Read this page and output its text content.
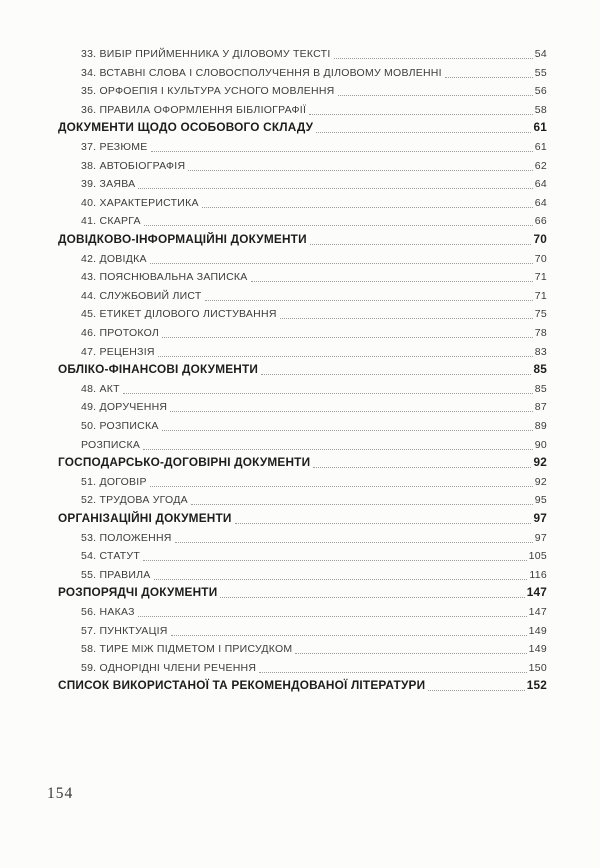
33. ВИБІР ПРИЙМЕННИКА У ДІЛОВОМУ ТЕКСТІ	54
34. ВСТАВНІ СЛОВА І СЛОВОСПОЛУЧЕННЯ В ДІЛОВОМУ МОВЛЕННІ	55
35. ОРФОЕПІЯ І КУЛЬТУРА УСНОГО МОВЛЕННЯ	56
36. ПРАВИЛА ОФОРМЛЕННЯ БІБЛІОГРАФІЇ	58
ДОКУМЕНТИ ЩОДО ОСОБОВОГО СКЛАДУ	61
37. РЕЗЮМЕ	61
38. АВТОБІОГРАФІЯ	62
39. ЗАЯВА	64
40. ХАРАКТЕРИСТИКА	64
41. СКАРГА	66
ДОВІДКОВО-ІНФОРМАЦІЙНІ ДОКУМЕНТИ	70
42. ДОВІДКА	70
43. ПОЯСНЮВАЛЬНА ЗАПИСКА	71
44. СЛУЖБОВИЙ ЛИСТ	71
45. ЕТИКЕТ ДІЛОВОГО ЛИСТУВАННЯ	75
46. ПРОТОКОЛ	78
47. РЕЦЕНЗІЯ	83
ОБЛІКО-ФІНАНСОВІ ДОКУМЕНТИ	85
48. АКТ	85
49. ДОРУЧЕННЯ	87
50. РОЗПИСКА	89
РОЗПИСКА	90
ГОСПОДАРСЬКО-ДОГОВІРНІ ДОКУМЕНТИ	92
51. ДОГОВІР	92
52. ТРУДОВА УГОДА	95
ОРГАНІЗАЦІЙНІ ДОКУМЕНТИ	97
53. ПОЛОЖЕННЯ	97
54. СТАТУТ	105
55. ПРАВИЛА	116
РОЗПОРЯДЧІ ДОКУМЕНТИ	147
56. НАКАЗ	147
57. ПУНКТУАЦІЯ	149
58. ТИРЕ МІЖ ПІДМЕТОМ І ПРИСУДКОМ	149
59. ОДНОРІДНІ ЧЛЕНИ РЕЧЕННЯ	150
СПИСОК ВИКОРИСТАНОЇ ТА РЕКОМЕНДОВАНОЇ ЛІТЕРАТУРИ	152
154
